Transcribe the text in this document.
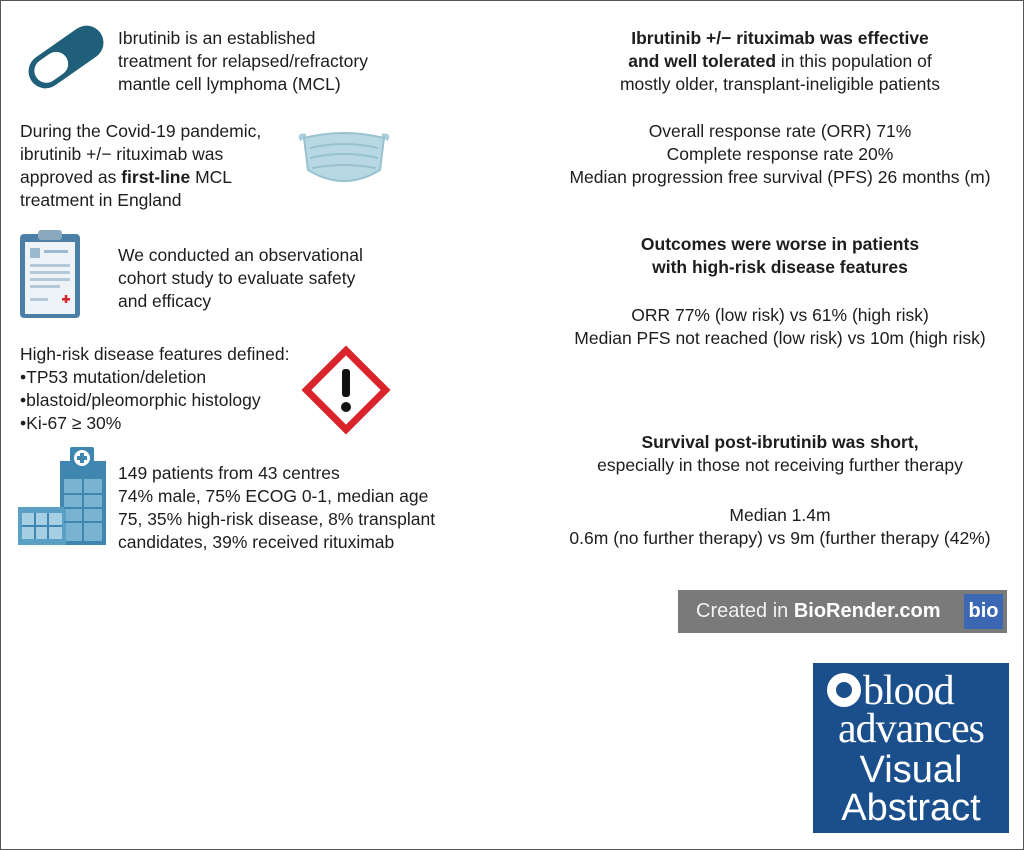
Ibrutinib is an established
treatment for relapsed/refractory
mantle cell lymphoma (MCL)
During the Covid-19 pandemic,
ibrutinib +/− rituximab was
approved as first-line MCL
treatment in England
We conducted an observational
cohort study to evaluate safety
and efficacy
High-risk disease features defined:
• TP53 mutation/deletion
• blastoid/pleomorphic histology
• Ki-67 ≥ 30%
149 patients from 43 centres
74% male, 75% ECOG 0-1, median age
75, 35% high-risk disease, 8% transplant
candidates, 39% received rituximab
Ibrutinib +/− rituximab was effective
and well tolerated in this population of
mostly older, transplant-ineligible patients
Overall response rate (ORR) 71%
Complete response rate 20%
Median progression free survival (PFS) 26 months (m)
Outcomes were worse in patients
with high-risk disease features
ORR 77% (low risk) vs 61% (high risk)
Median PFS not reached (low risk) vs 10m (high risk)
Survival post-ibrutinib was short,
especially in those not receiving further therapy
Median 1.4m
0.6m (no further therapy) vs 9m (further therapy (42%)
Created in BioRender.com bio
blood
advances
Visual
Abstract
